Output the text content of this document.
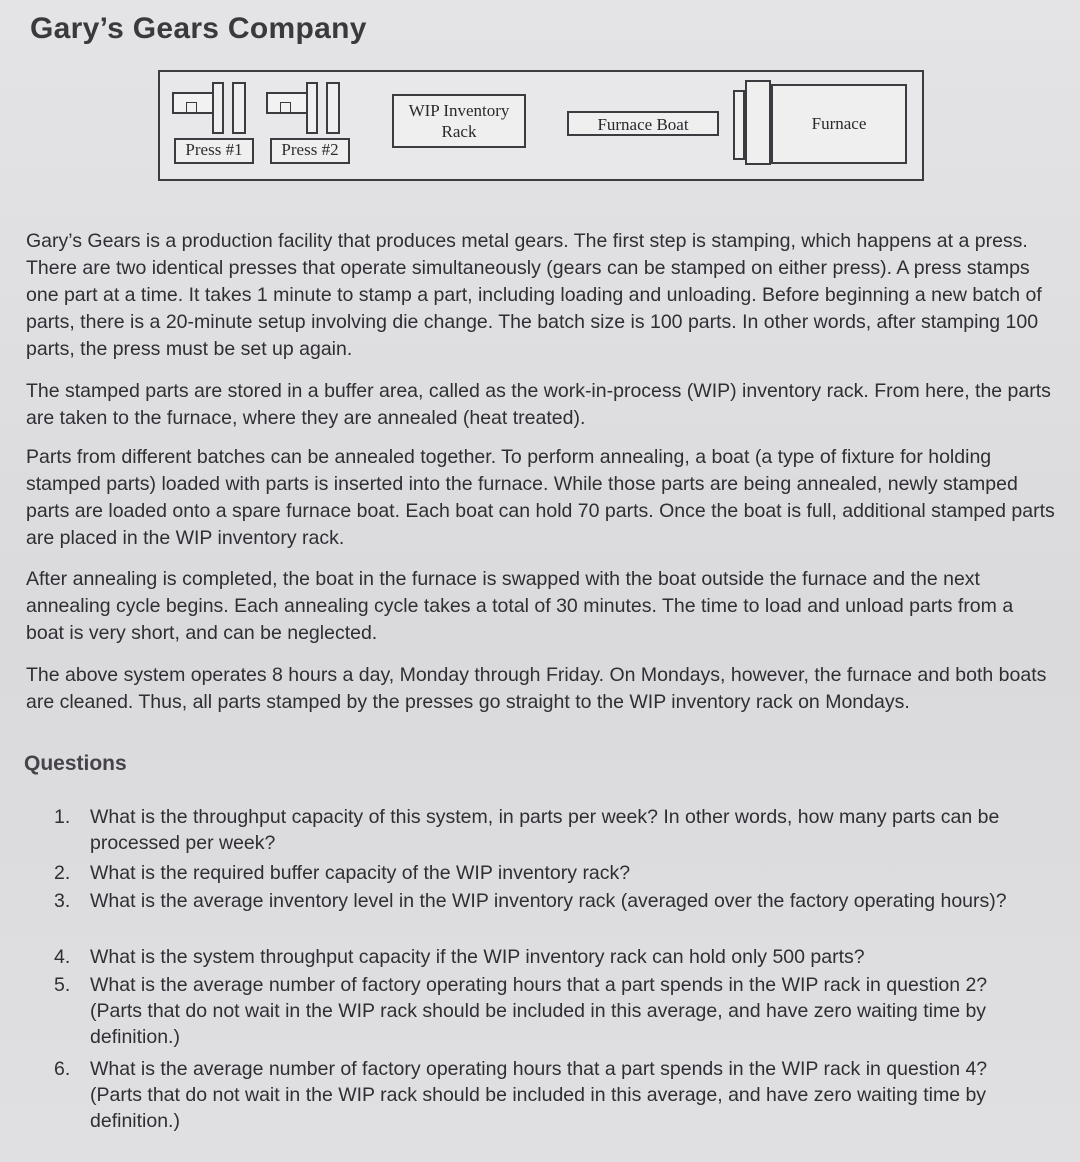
Gary’s Gears Company
Press #1	Press #2
WIP Inventory
Rack	Furnace Boat	Furnace

Gary’s Gears is a production facility that produces metal gears. The first step is stamping, which happens at a press. There are two identical presses that operate simultaneously (gears can be stamped on either press). A press stamps one part at a time. It takes 1 minute to stamp a part, including loading and unloading. Before beginning a new batch of parts, there is a 20-minute setup involving die change. The batch size is 100 parts. In other words, after stamping 100 parts, the press must be set up again.

The stamped parts are stored in a buffer area, called as the work-in-process (WIP) inventory rack. From here, the parts are taken to the furnace, where they are annealed (heat treated).

Parts from different batches can be annealed together. To perform annealing, a boat (a type of fixture for holding stamped parts) loaded with parts is inserted into the furnace. While those parts are being annealed, newly stamped parts are loaded onto a spare furnace boat. Each boat can hold 70 parts. Once the boat is full, additional stamped parts are placed in the WIP inventory rack.

After annealing is completed, the boat in the furnace is swapped with the boat outside the furnace and the next annealing cycle begins. Each annealing cycle takes a total of 30 minutes. The time to load and unload parts from a boat is very short, and can be neglected.

The above system operates 8 hours a day, Monday through Friday. On Mondays, however, the furnace and both boats are cleaned. Thus, all parts stamped by the presses go straight to the WIP inventory rack on Mondays.

Questions
1.	What is the throughput capacity of this system, in parts per week? In other words, how many parts can be processed per week?
2.	What is the required buffer capacity of the WIP inventory rack?
3.	What is the average inventory level in the WIP inventory rack (averaged over the factory operating hours)?
4.	What is the system throughput capacity if the WIP inventory rack can hold only 500 parts?
5.	What is the average number of factory operating hours that a part spends in the WIP rack in question 2? (Parts that do not wait in the WIP rack should be included in this average, and have zero waiting time by definition.)
6.	What is the average number of factory operating hours that a part spends in the WIP rack in question 4? (Parts that do not wait in the WIP rack should be included in this average, and have zero waiting time by definition.)
